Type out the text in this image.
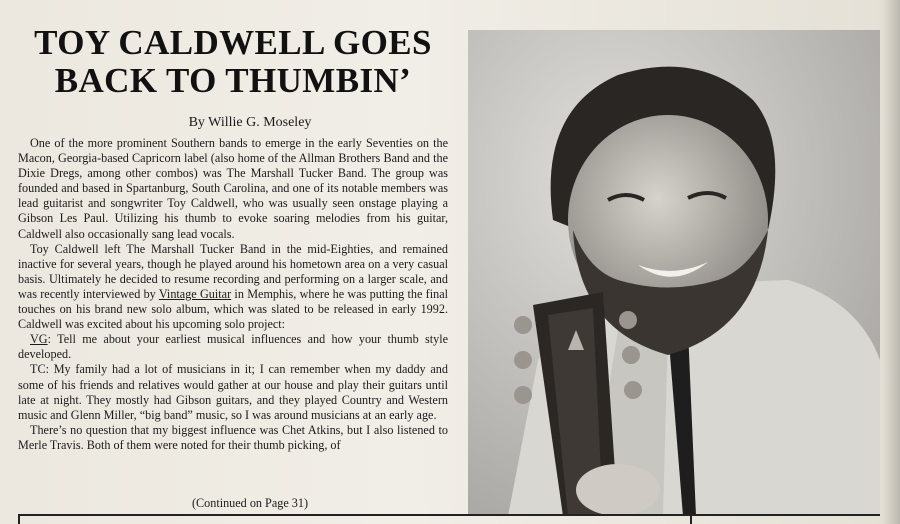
TOY CALDWELL GOES
BACK TO THUMBIN’
By Willie G. Moseley

One of the more prominent Southern bands to emerge in the early Seventies on the Macon, Georgia-based Capricorn label (also home of the Allman Brothers Band and the Dixie Dregs, among other combos) was The Marshall Tucker Band. The group was founded and based in Spartanburg, South Carolina, and one of its notable members was lead guitarist and songwriter Toy Caldwell, who was usually seen onstage playing a Gibson Les Paul. Utilizing his thumb to evoke soaring melodies from his guitar, Caldwell also occasionally sang lead vocals.

Toy Caldwell left The Marshall Tucker Band in the mid-Eighties, and remained inactive for several years, though he played around his hometown area on a very casual basis. Ultimately he decided to resume recording and performing on a larger scale, and was recently interviewed by Vintage Guitar in Memphis, where he was putting the final touches on his brand new solo album, which was slated to be released in early 1992. Caldwell was excited about his upcoming solo project:

VG: Tell me about your earliest musical influences and how your thumb style developed.

TC: My family had a lot of musicians in it; I can remember when my daddy and some of his friends and relatives would gather at our house and play their guitars until late at night. They mostly had Gibson guitars, and they played Country and Western music and Glenn Miller, “big band” music, so I was around musicians at an early age.

There’s no question that my biggest influence was Chet Atkins, but I also listened to Merle Travis. Both of them were noted for their thumb picking, of

(Continued on Page 31)
